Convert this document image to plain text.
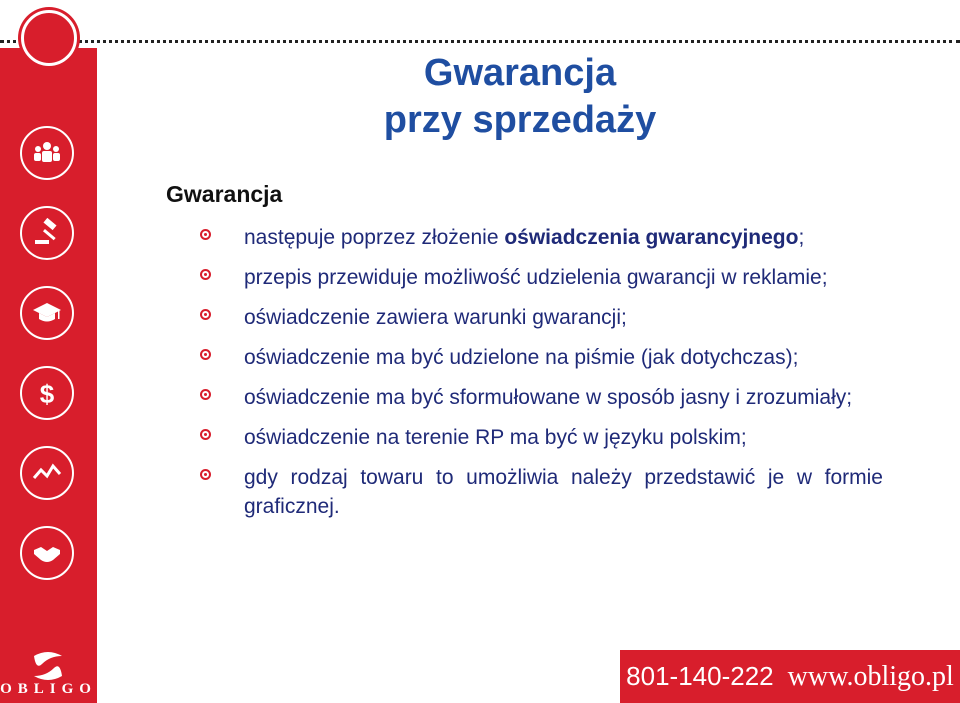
$
OBLIGO
Gwarancja
przy sprzedaży
Gwarancja
następuje poprzez złożenie oświadczenia gwarancyjnego;
przepis przewiduje możliwość udzielenia gwarancji w reklamie;
oświadczenie zawiera warunki gwarancji;
oświadczenie ma być udzielone na piśmie (jak dotychczas);
oświadczenie ma być sformułowane w sposób jasny i zrozumiały;
oświadczenie na terenie RP ma być w języku polskim;
gdy rodzaj towaru to umożliwia należy przedstawić je w formie graficznej.
801-140-222 www.obligo.pl
